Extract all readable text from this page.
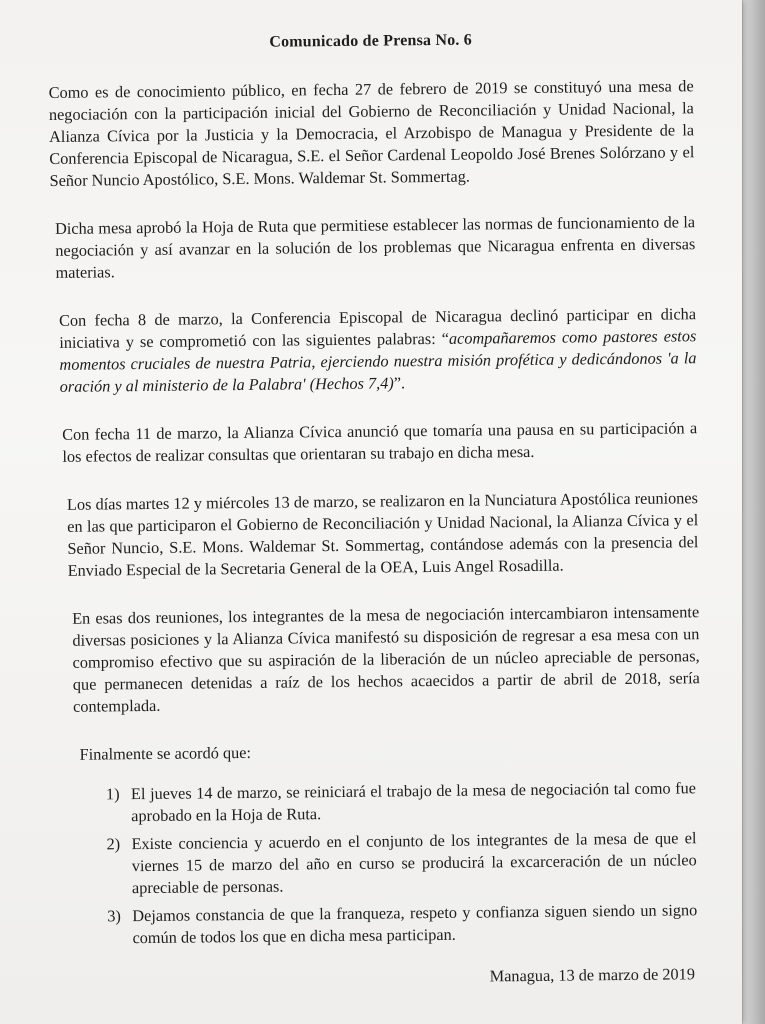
Comunicado de Prensa No. 6

Como es de conocimiento público, en fecha 27 de febrero de 2019 se constituyó una mesa de negociación con la participación inicial del Gobierno de Reconciliación y Unidad Nacional, la Alianza Cívica por la Justicia y la Democracia, el Arzobispo de Managua y Presidente de la Conferencia Episcopal de Nicaragua, S.E. el Señor Cardenal Leopoldo José Brenes Solórzano y el Señor Nuncio Apostólico, S.E. Mons. Waldemar St. Sommertag.

Dicha mesa aprobó la Hoja de Ruta que permitiese establecer las normas de funcionamiento de la negociación y así avanzar en la solución de los problemas que Nicaragua enfrenta en diversas materias.

Con fecha 8 de marzo, la Conferencia Episcopal de Nicaragua declinó participar en dicha iniciativa y se comprometió con las siguientes palabras: “acompañaremos como pastores estos momentos cruciales de nuestra Patria, ejerciendo nuestra misión profética y dedicándonos 'a la oración y al ministerio de la Palabra' (Hechos 7,4)”.

Con fecha 11 de marzo, la Alianza Cívica anunció que tomaría una pausa en su participación a los efectos de realizar consultas que orientaran su trabajo en dicha mesa.

Los días martes 12 y miércoles 13 de marzo, se realizaron en la Nunciatura Apostólica reuniones en las que participaron el Gobierno de Reconciliación y Unidad Nacional, la Alianza Cívica y el Señor Nuncio, S.E. Mons. Waldemar St. Sommertag, contándose además con la presencia del Enviado Especial de la Secretaria General de la OEA, Luis Angel Rosadilla.

En esas dos reuniones, los integrantes de la mesa de negociación intercambiaron intensamente diversas posiciones y la Alianza Cívica manifestó su disposición de regresar a esa mesa con un compromiso efectivo que su aspiración de la liberación de un núcleo apreciable de personas, que permanecen detenidas a raíz de los hechos acaecidos a partir de abril de 2018, sería contemplada.

Finalmente se acordó que:

1) El jueves 14 de marzo, se reiniciará el trabajo de la mesa de negociación tal como fue aprobado en la Hoja de Ruta.
2) Existe conciencia y acuerdo en el conjunto de los integrantes de la mesa de que el viernes 15 de marzo del año en curso se producirá la excarceración de un núcleo apreciable de personas.
3) Dejamos constancia de que la franqueza, respeto y confianza siguen siendo un signo común de todos los que en dicha mesa participan.
Managua, 13 de marzo de 2019
